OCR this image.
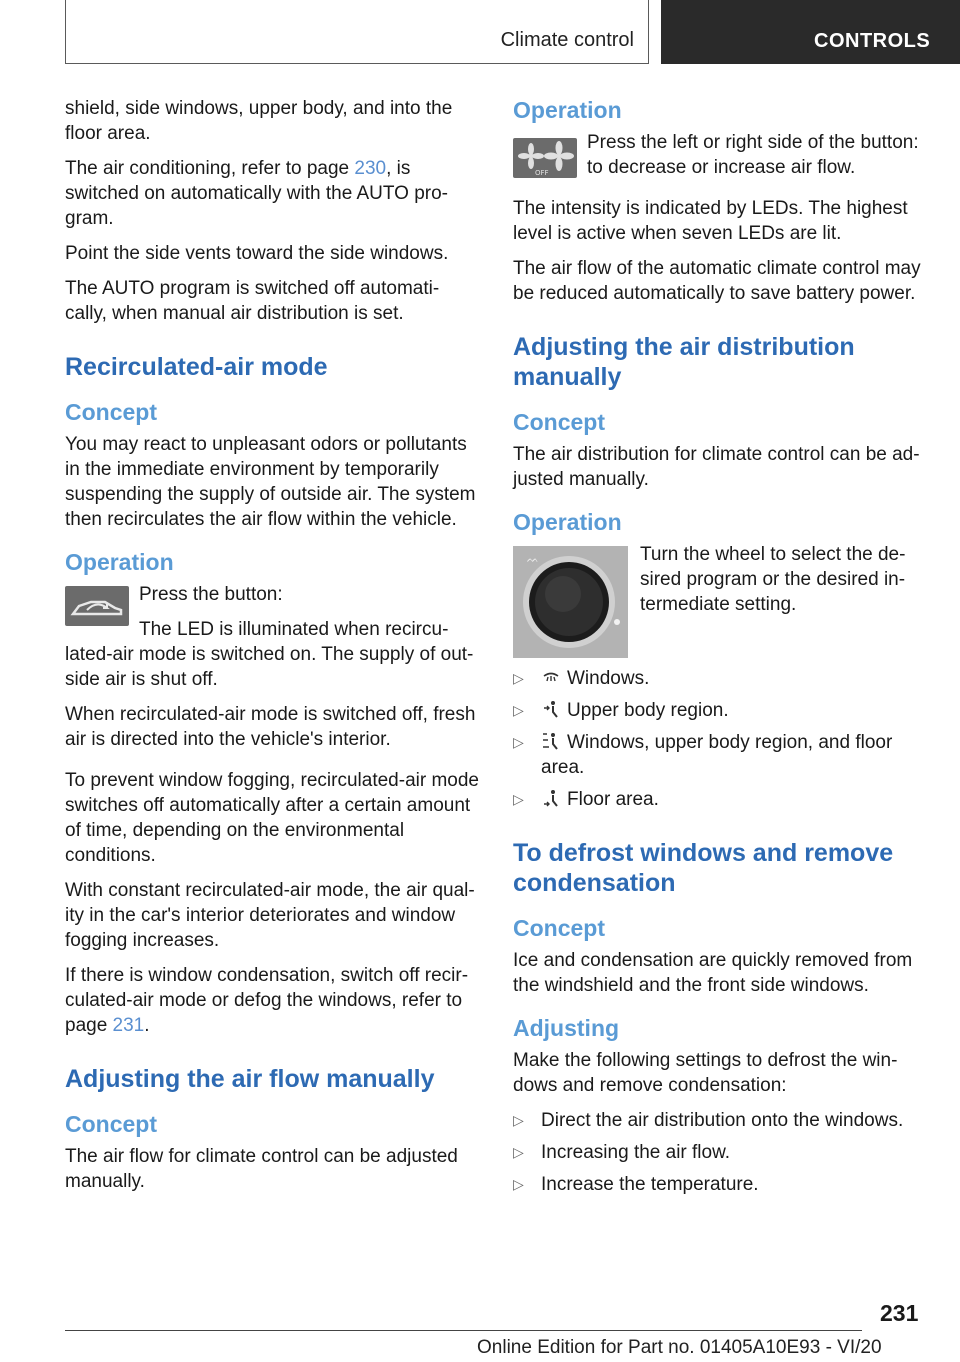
Climate control	CONTROLS

shield, side windows, upper body, and into the floor area.

The air conditioning, refer to page 230, is switched on automatically with the AUTO pro-gram.

Point the side vents toward the side windows.

The AUTO program is switched off automati-cally, when manual air distribution is set.

Recirculated-air mode
Concept

You may react to unpleasant odors or pollutants in the immediate environment by temporarily suspending the supply of outside air. The system then recirculates the air flow within the vehicle.

Operation

Press the button:

The LED is illuminated when recircu-

lated-air mode is switched on. The supply of out-side air is shut off.

When recirculated-air mode is switched off, fresh air is directed into the vehicle's interior.

To prevent window fogging, recirculated-air mode switches off automatically after a certain amount of time, depending on the environmental conditions.

With constant recirculated-air mode, the air qual-ity in the car's interior deteriorates and window fogging increases.

If there is window condensation, switch off recir-culated-air mode or defog the windows, refer to page 231.

Adjusting the air flow manually
Concept

The air flow for climate control can be adjusted manually.

Operation
OFF

Press the left or right side of the button: to decrease or increase air flow.

The intensity is indicated by LEDs. The highest level is active when seven LEDs are lit.

The air flow of the automatic climate control may be reduced automatically to save battery power.

Adjusting the air distribution manually
Concept

The air distribution for climate control can be ad-justed manually.

Operation
ᨓ	Turn the wheel to select the de-sired program or the desired in-termediate setting.

▷ Windows.
▷ Upper body region.
▷ Windows, upper body region, and floor area.
▷ Floor area.
To defrost windows and remove condensation
Concept

Ice and condensation are quickly removed from the windshield and the front side windows.

Adjusting

Make the following settings to defrost the win-dows and remove condensation:

▷ Direct the air distribution onto the windows.
▷ Increasing the air flow.
▷ Increase the temperature.
231
Online Edition for Part no. 01405A10E93 - VI/20
